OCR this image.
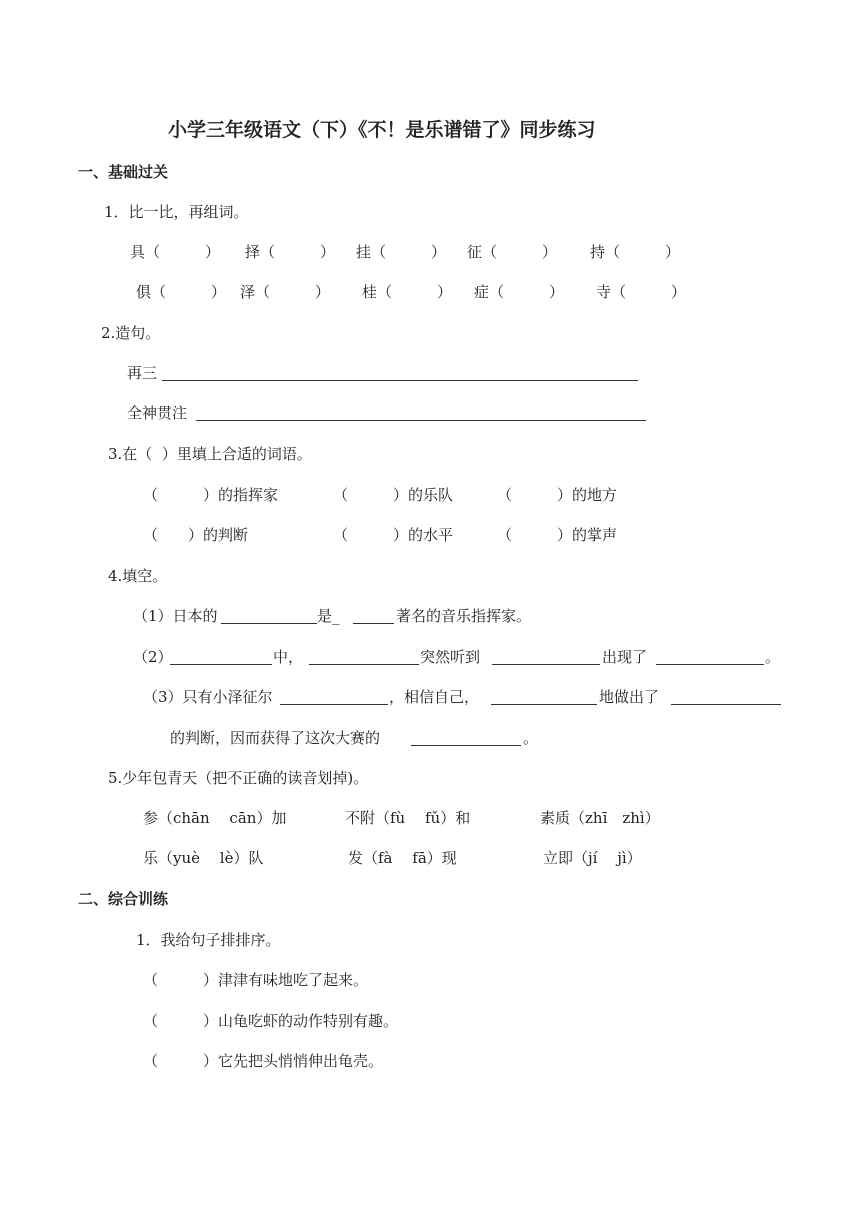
小学三年级语文（下）《不！是乐谱错了》同步练习
一、基础过关
1．比一比，再组词。
具（　　　） 择（　　　） 挂（　　　） 征（　　　） 持（　　　）
俱（　　　） 泽（　　　） 桂（　　　） 症（　　　） 寺（　　　）
2.造句。
再三
全神贯注
3.在（  ）里填上合适的词语。
（　　　）的指挥家	（　　　）的乐队	（　　　）的地方
（　　）的判断	（　　　）的水平	（　　　）的掌声
4.填空。
（1）日本的	是_	著名的音乐指挥家。
（2）	中，	突然听到	出现了	。
（3）只有小泽征尔	，相信自己，	地做出了
的判断，因而获得了这次大赛的	。
5.少年包青天（把不正确的读音划掉)。
参（chān　 cān）加	不附（fù　 fǔ）和	素质（zhī　zhì）
乐（yuè　 lè）队	发（fà　 fā）现	立即（jí　 jì）
二、综合训练
1．我给句子排排序。
（　　　）津津有味地吃了起来。
（　　　）山龟吃虾的动作特别有趣。
（　　　）它先把头悄悄伸出龟壳。
